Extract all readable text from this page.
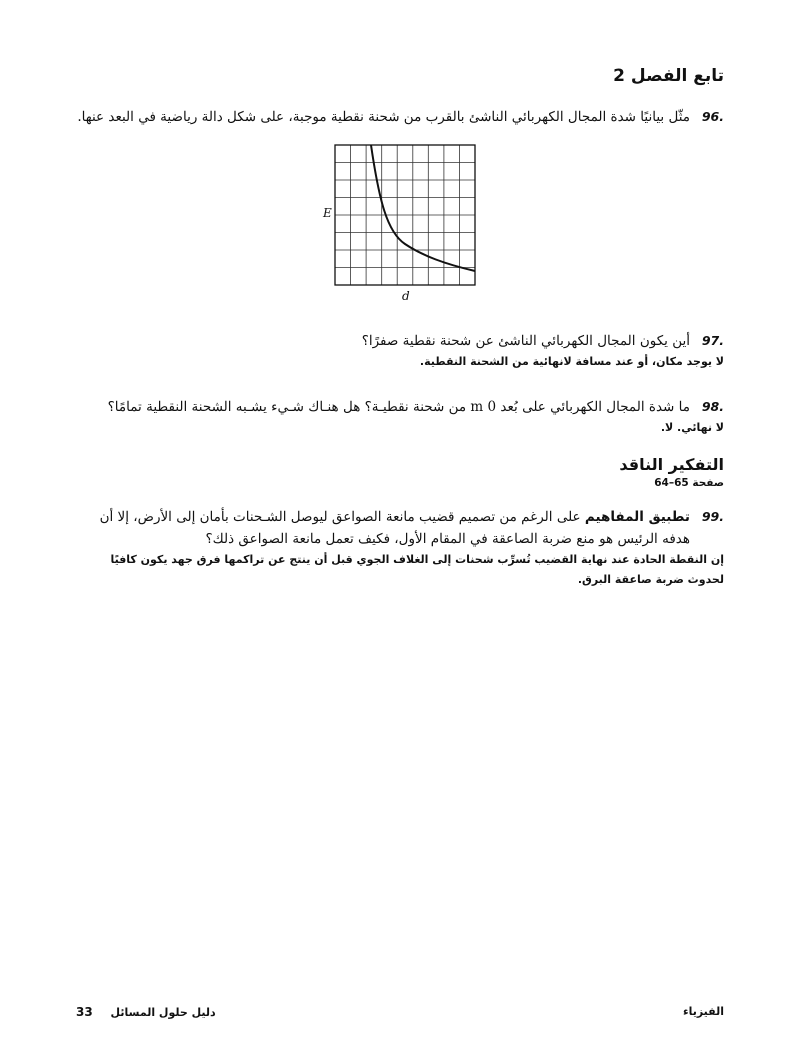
تابع الفصل 2
96.
مثّل بيانيًا شدة المجال الكهربائي الناشئ بالقرب من شحنة نقطية موجبة، على شكل دالة رياضية في البعد عنها.
E
d
97.
أين يكون المجال الكهربائي الناشئ عن شحنة نقطية صفرًا؟
لا يوجد مكان، أو عند مسافة لانهائية من الشحنة النقطية.
98.
ما شدة المجال الكهربائي على بُعد 0 m من شحنة نقطيـة؟ هل هنـاك شـيء يشـبه الشحنة النقطية تمامًا؟
لا نهائي. لا.
التفكير الناقد
صفحة 65–64
99.
تطبيق المفاهيم على الرغم من تصميم قضيب مانعة الصواعق ليوصل الشـحنات بأمان إلى الأرض، إلا أن هدفه الرئيس هو منع ضربة الصاعقة في المقام الأول، فكيف تعمل مانعة الصواعق ذلك؟
إن النقطة الحادة عند نهاية القضيب تُسرِّب شحنات إلى الغلاف الجوي قبل أن ينتج عن تراكمها فرق جهد يكون كافيًا لحدوث ضربة صاعقة البرق.
الفيزياء
دليل حلول المسائل 33
